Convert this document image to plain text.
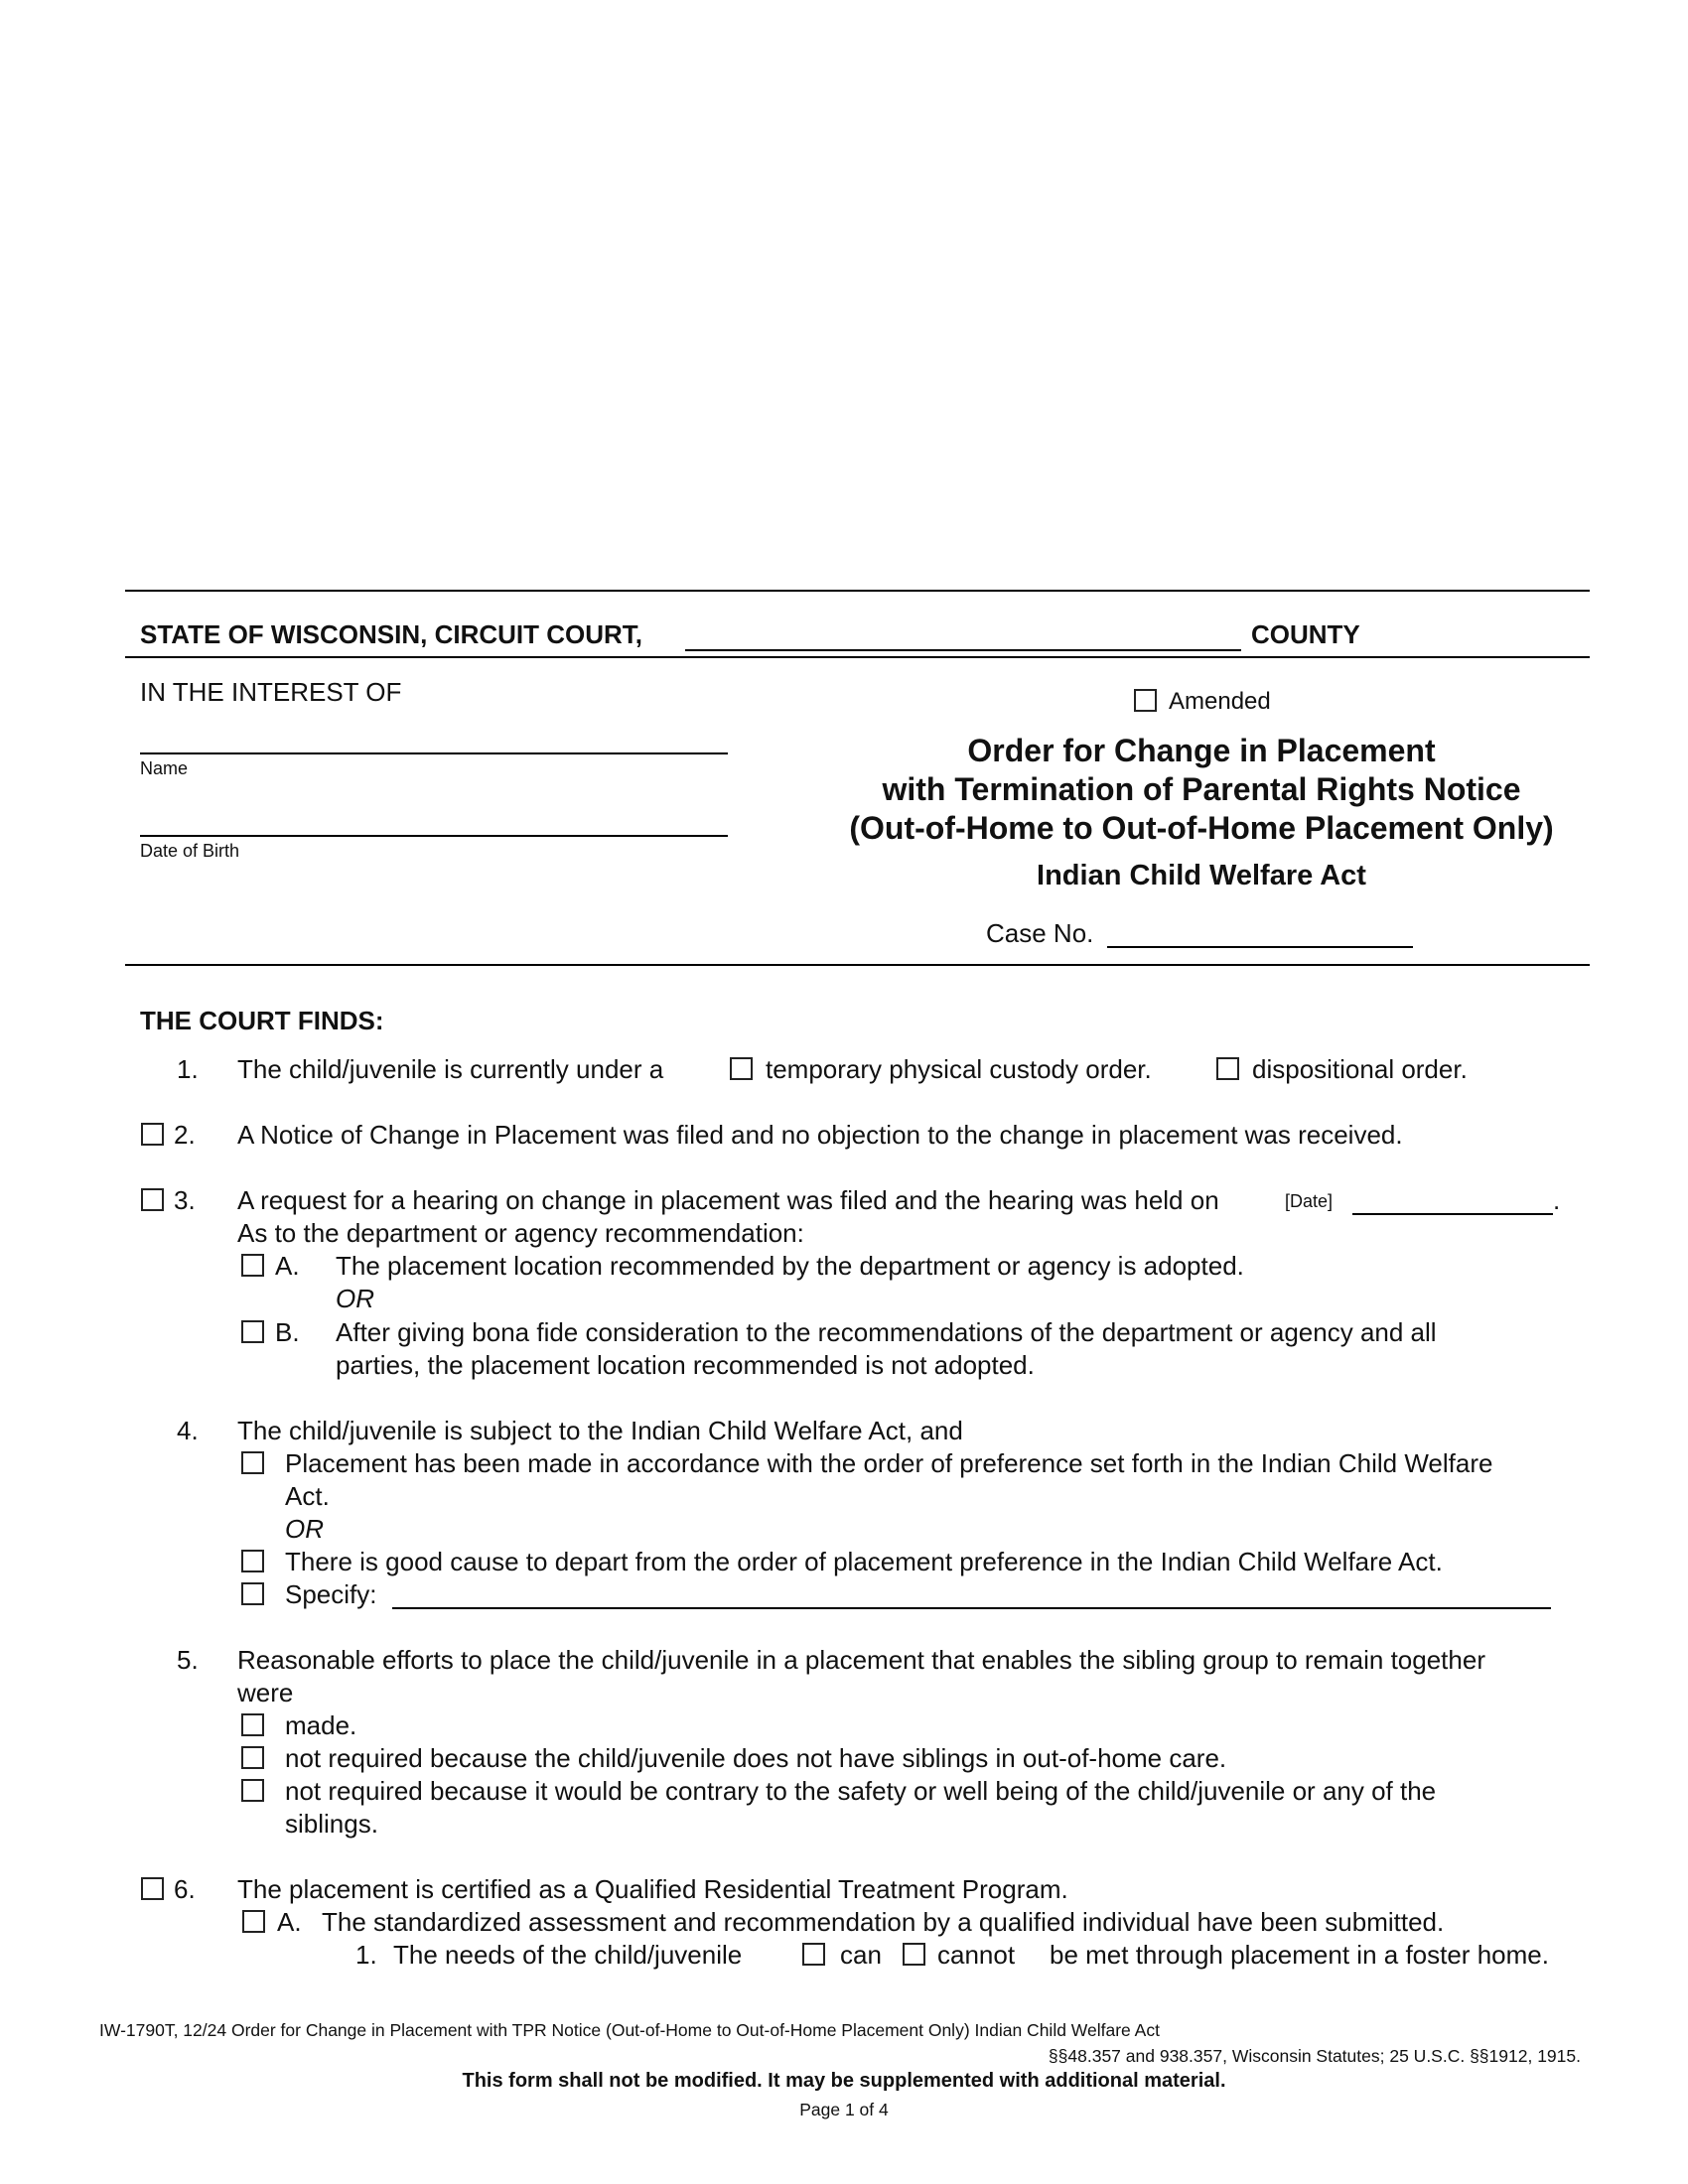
STATE OF WISCONSIN, CIRCUIT COURT,	COUNTY
IN THE INTEREST OF
Name
Date of Birth
Amended
Order for Change in Placement
with Termination of Parental Rights Notice
(Out-of-Home to Out-of-Home Placement Only)
Indian Child Welfare Act
Case No.
THE COURT FINDS:
1. The child/juvenile is currently under a	temporary physical custody order.	dispositional order.
2. A Notice of Change in Placement was filed and no objection to the change in placement was received.
3. A request for a hearing on change in placement was filed and the hearing was held on	[Date]	.
As to the department or agency recommendation:
A. The placement location recommended by the department or agency is adopted.
OR
B. After giving bona fide consideration to the recommendations of the department or agency and all
parties, the placement location recommended is not adopted.
4. The child/juvenile is subject to the Indian Child Welfare Act, and
Placement has been made in accordance with the order of preference set forth in the Indian Child Welfare
Act.
OR
There is good cause to depart from the order of placement preference in the Indian Child Welfare Act.
Specify:
5. Reasonable efforts to place the child/juvenile in a placement that enables the sibling group to remain together
were
made.
not required because the child/juvenile does not have siblings in out-of-home care.
not required because it would be contrary to the safety or well being of the child/juvenile or any of the
siblings.
6. The placement is certified as a Qualified Residential Treatment Program.
A. The standardized assessment and recommendation by a qualified individual have been submitted.
1. The needs of the child/juvenile	can cannot be met through placement in a foster home.
IW-1790T, 12/24 Order for Change in Placement with TPR Notice (Out-of-Home to Out-of-Home Placement Only) Indian Child Welfare Act
§§48.357 and 938.357, Wisconsin Statutes; 25 U.S.C. §§1912, 1915.
This form shall not be modified. It may be supplemented with additional material.
Page 1 of 4
